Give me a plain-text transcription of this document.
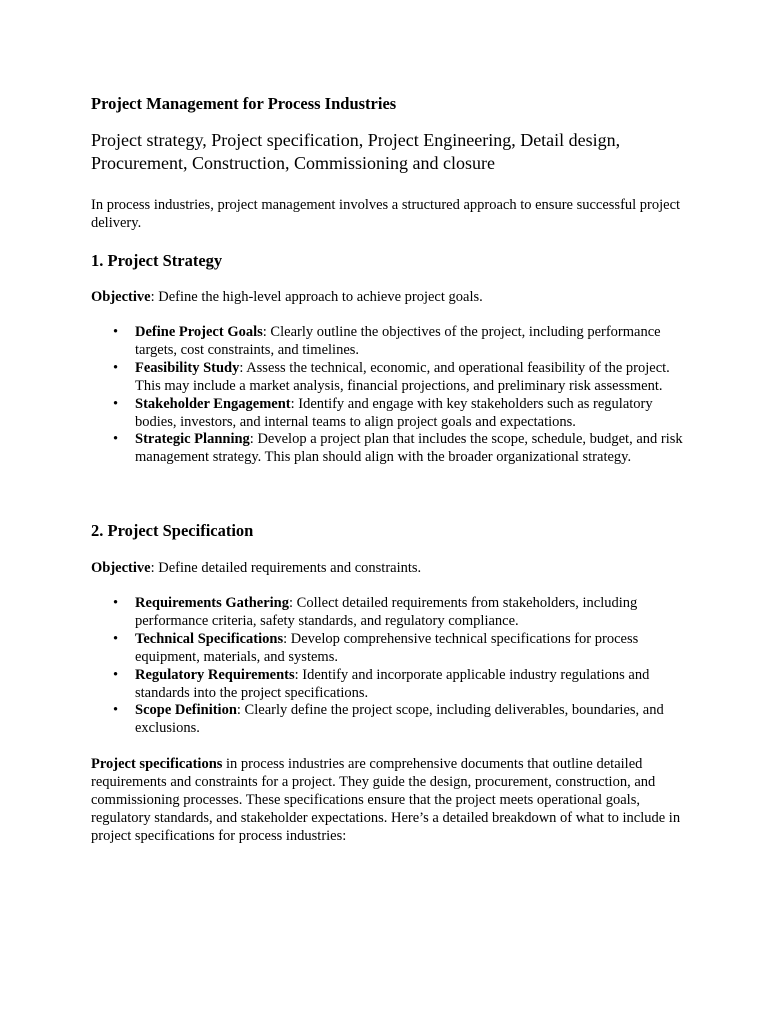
Project Management for Process Industries

Project strategy, Project specification, Project Engineering, Detail design, Procurement, Construction, Commissioning and closure

In process industries, project management involves a structured approach to ensure successful project delivery.

1. Project Strategy

Objective: Define the high-level approach to achieve project goals.

• Define Project Goals: Clearly outline the objectives of the project, including performance targets, cost constraints, and timelines.
• Feasibility Study: Assess the technical, economic, and operational feasibility of the project. This may include a market analysis, financial projections, and preliminary risk assessment.
• Stakeholder Engagement: Identify and engage with key stakeholders such as regulatory bodies, investors, and internal teams to align project goals and expectations.
• Strategic Planning: Develop a project plan that includes the scope, schedule, budget, and risk management strategy. This plan should align with the broader organizational strategy.
2. Project Specification

Objective: Define detailed requirements and constraints.

• Requirements Gathering: Collect detailed requirements from stakeholders, including performance criteria, safety standards, and regulatory compliance.
• Technical Specifications: Develop comprehensive technical specifications for process equipment, materials, and systems.
• Regulatory Requirements: Identify and incorporate applicable industry regulations and standards into the project specifications.
• Scope Definition: Clearly define the project scope, including deliverables, boundaries, and exclusions.

Project specifications in process industries are comprehensive documents that outline detailed requirements and constraints for a project. They guide the design, procurement, construction, and commissioning processes. These specifications ensure that the project meets operational goals, regulatory standards, and stakeholder expectations. Here’s a detailed breakdown of what to include in project specifications for process industries:
